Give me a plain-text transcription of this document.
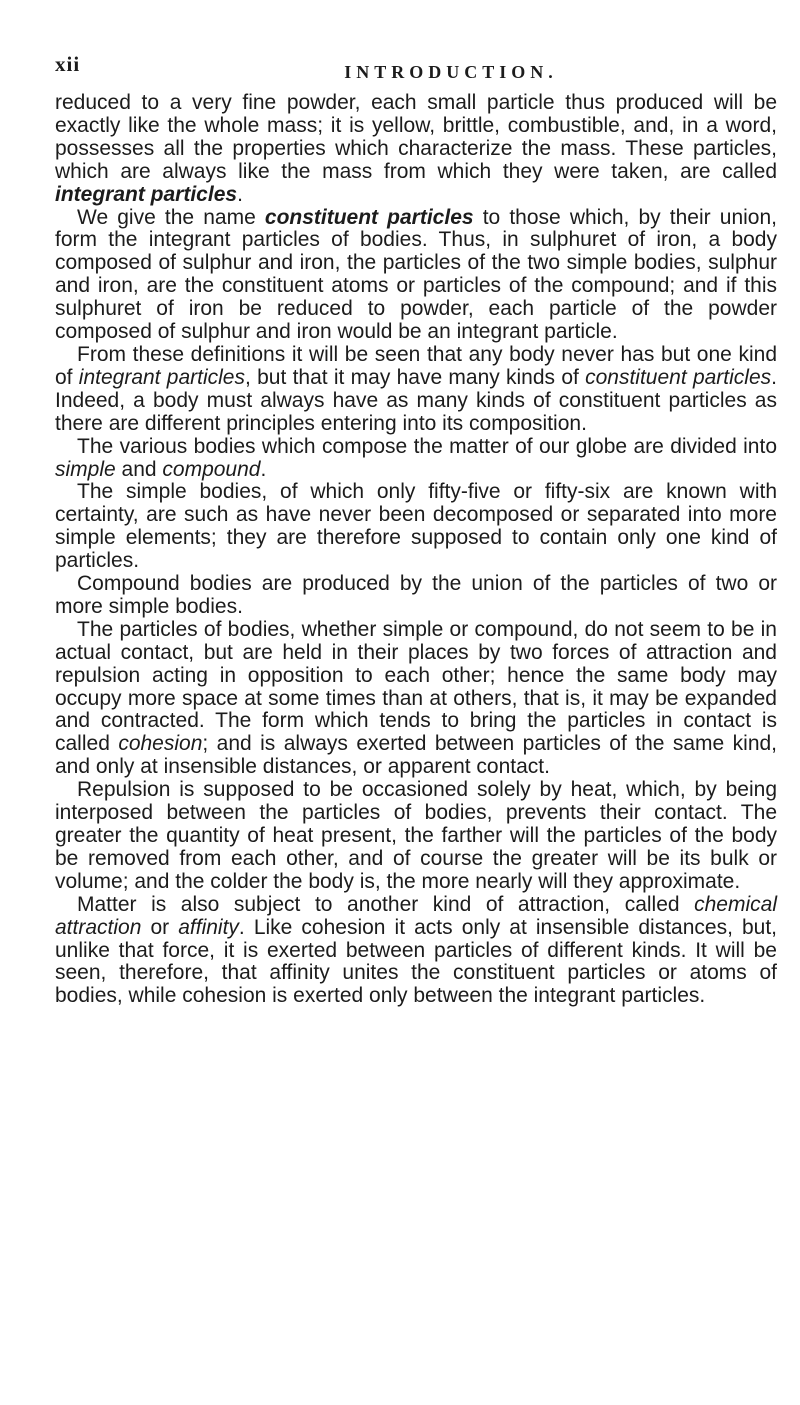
xii	INTRODUCTION.

reduced to a very fine powder, each small particle thus produced will be exactly like the whole mass; it is yellow, brittle, combustible, and, in a word, possesses all the properties which characterize the mass. These particles, which are always like the mass from which they were taken, are called integrant particles.

We give the name constituent particles to those which, by their union, form the integrant particles of bodies. Thus, in sulphuret of iron, a body composed of sulphur and iron, the particles of the two simple bodies, sulphur and iron, are the constituent atoms or particles of the compound; and if this sulphuret of iron be reduced to powder, each particle of the powder composed of sulphur and iron would be an integrant particle.

From these definitions it will be seen that any body never has but one kind of integrant particles, but that it may have many kinds of constituent particles. Indeed, a body must always have as many kinds of constituent particles as there are different principles entering into its composition.

The various bodies which compose the matter of our globe are divided into simple and compound.

The simple bodies, of which only fifty-five or fifty-six are known with certainty, are such as have never been decomposed or separated into more simple elements; they are therefore supposed to contain only one kind of particles.

Compound bodies are produced by the union of the particles of two or more simple bodies.

The particles of bodies, whether simple or compound, do not seem to be in actual contact, but are held in their places by two forces of attraction and repulsion acting in opposition to each other; hence the same body may occupy more space at some times than at others, that is, it may be expanded and contracted. The form which tends to bring the particles in contact is called cohesion; and is always exerted between particles of the same kind, and only at insensible distances, or apparent contact.

Repulsion is supposed to be occasioned solely by heat, which, by being interposed between the particles of bodies, prevents their contact. The greater the quantity of heat present, the farther will the particles of the body be removed from each other, and of course the greater will be its bulk or volume; and the colder the body is, the more nearly will they approximate.

Matter is also subject to another kind of attraction, called chemical attraction or affinity. Like cohesion it acts only at insensible distances, but, unlike that force, it is exerted between particles of different kinds. It will be seen, therefore, that affinity unites the constituent particles or atoms of bodies, while cohesion is exerted only between the integrant particles.
